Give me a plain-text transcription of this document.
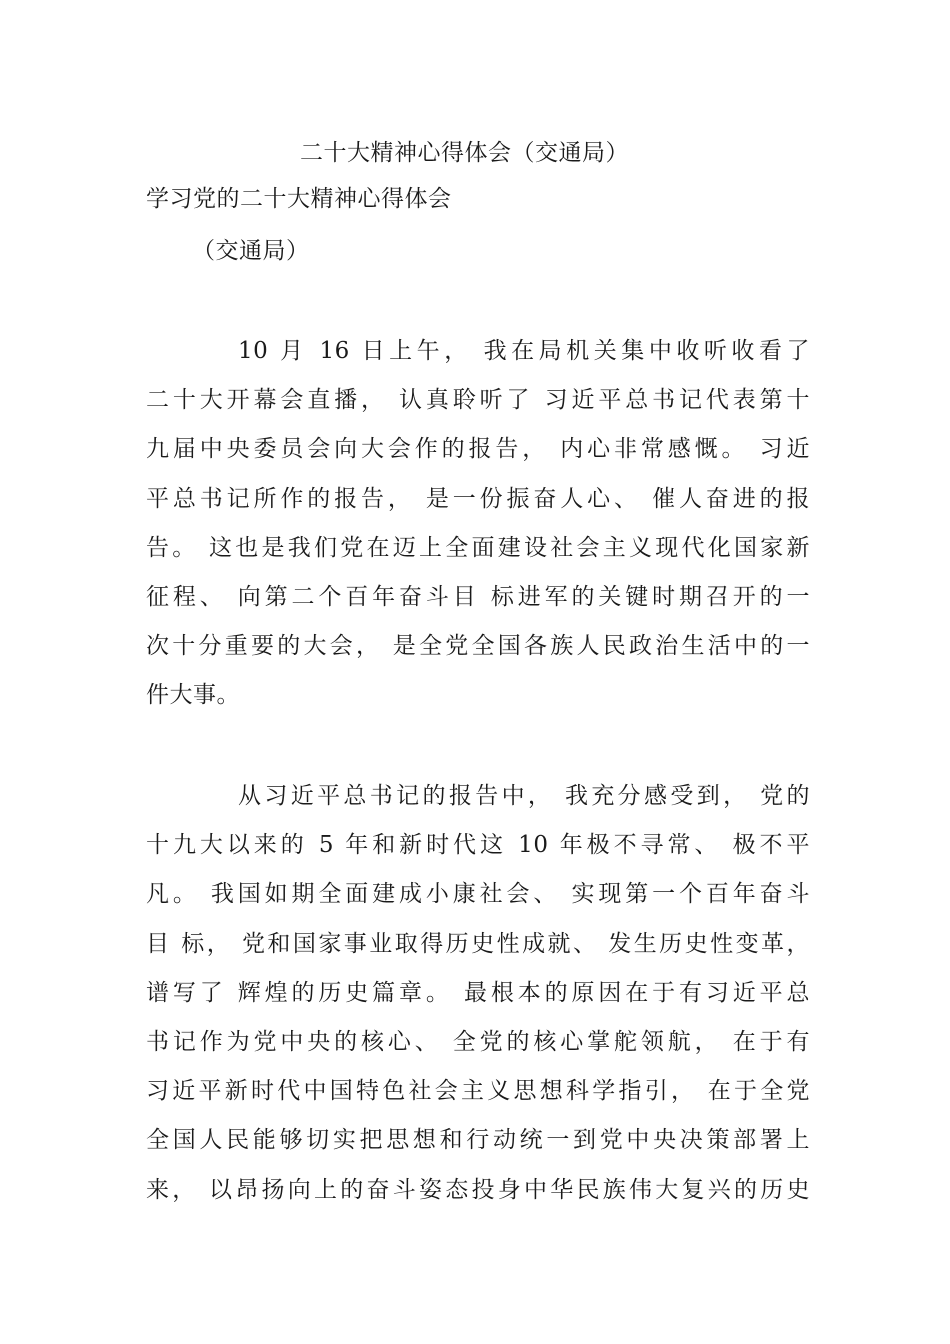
二十大精神心得体会（交通局）
学习党的二十大精神心得体会
（交通局）
10 月 16 日上午， 我在局机关集中收听收看了
二十大开幕会直播， 认真聆听了 习近平总书记代表第十
九届中央委员会向大会作的报告， 内心非常感慨。 习近
平总书记所作的报告， 是一份振奋人心、 催人奋进的报
告。 这也是我们党在迈上全面建设社会主义现代化国家新
征程、 向第二个百年奋斗目 标进军的关键时期召开的一
次十分重要的大会， 是全党全国各族人民政治生活中的一
件大事。
从习近平总书记的报告中， 我充分感受到， 党的
十九大以来的 5 年和新时代这 10 年极不寻常、 极不平
凡。 我国如期全面建成小康社会、 实现第一个百年奋斗
目 标， 党和国家事业取得历史性成就、 发生历史性变革，
谱写了 辉煌的历史篇章。 最根本的原因在于有习近平总
书记作为党中央的核心、 全党的核心掌舵领航， 在于有
习近平新时代中国特色社会主义思想科学指引， 在于全党
全国人民能够切实把思想和行动统一到党中央决策部署上
来， 以昂扬向上的奋斗姿态投身中华民族伟大复兴的历史
